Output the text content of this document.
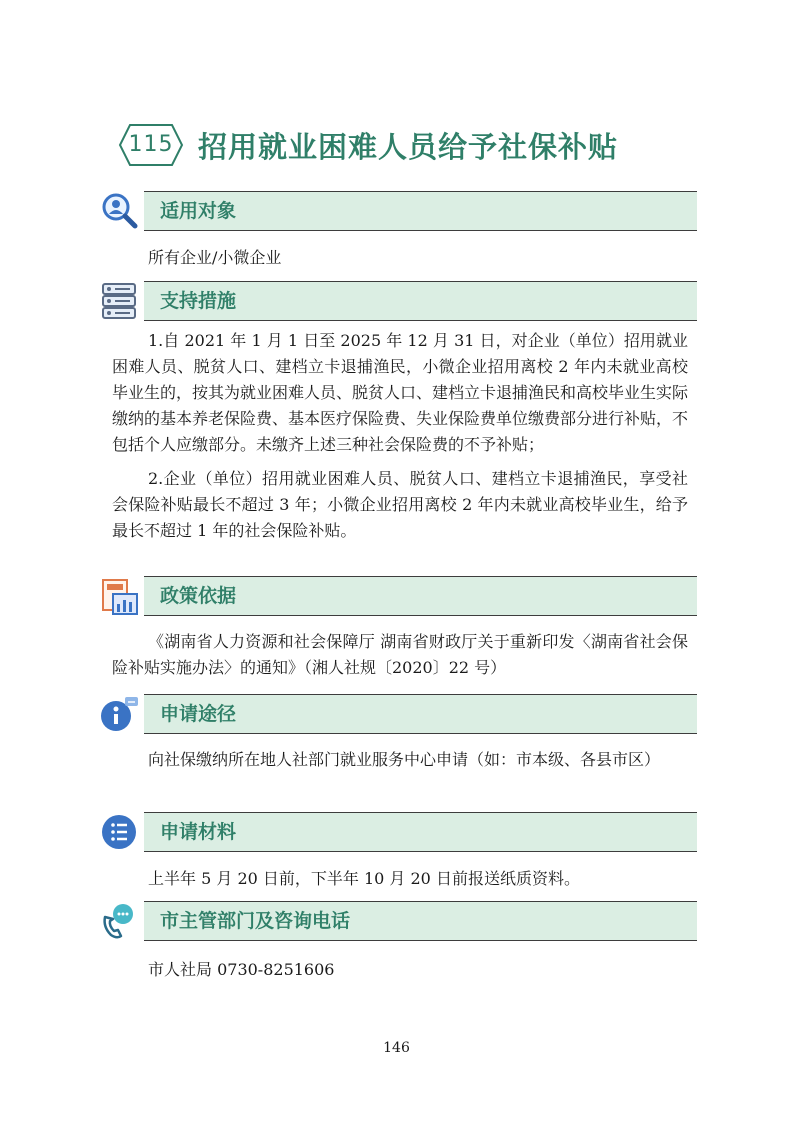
115 招用就业困难人员给予社保补贴
适用对象
所有企业/小微企业
支持措施
1.自 2021 年 1 月 1 日至 2025 年 12 月 31 日，对企业（单位）招用就业困难人员、脱贫人口、建档立卡退捕渔民，小微企业招用离校 2 年内未就业高校毕业生的，按其为就业困难人员、脱贫人口、建档立卡退捕渔民和高校毕业生实际缴纳的基本养老保险费、基本医疗保险费、失业保险费单位缴费部分进行补贴，不包括个人应缴部分。未缴齐上述三种社会保险费的不予补贴；
2.企业（单位）招用就业困难人员、脱贫人口、建档立卡退捕渔民，享受社会保险补贴最长不超过 3 年；小微企业招用离校 2 年内未就业高校毕业生，给予最长不超过 1 年的社会保险补贴。
政策依据
《湖南省人力资源和社会保障厅 湖南省财政厅关于重新印发〈湖南省社会保险补贴实施办法〉的通知》（湘人社规〔2020〕22 号）
申请途径
向社保缴纳所在地人社部门就业服务中心申请（如：市本级、各县市区）
申请材料
上半年 5 月 20 日前，下半年 10 月 20 日前报送纸质资料。
市主管部门及咨询电话
市人社局 0730-8251606
146
